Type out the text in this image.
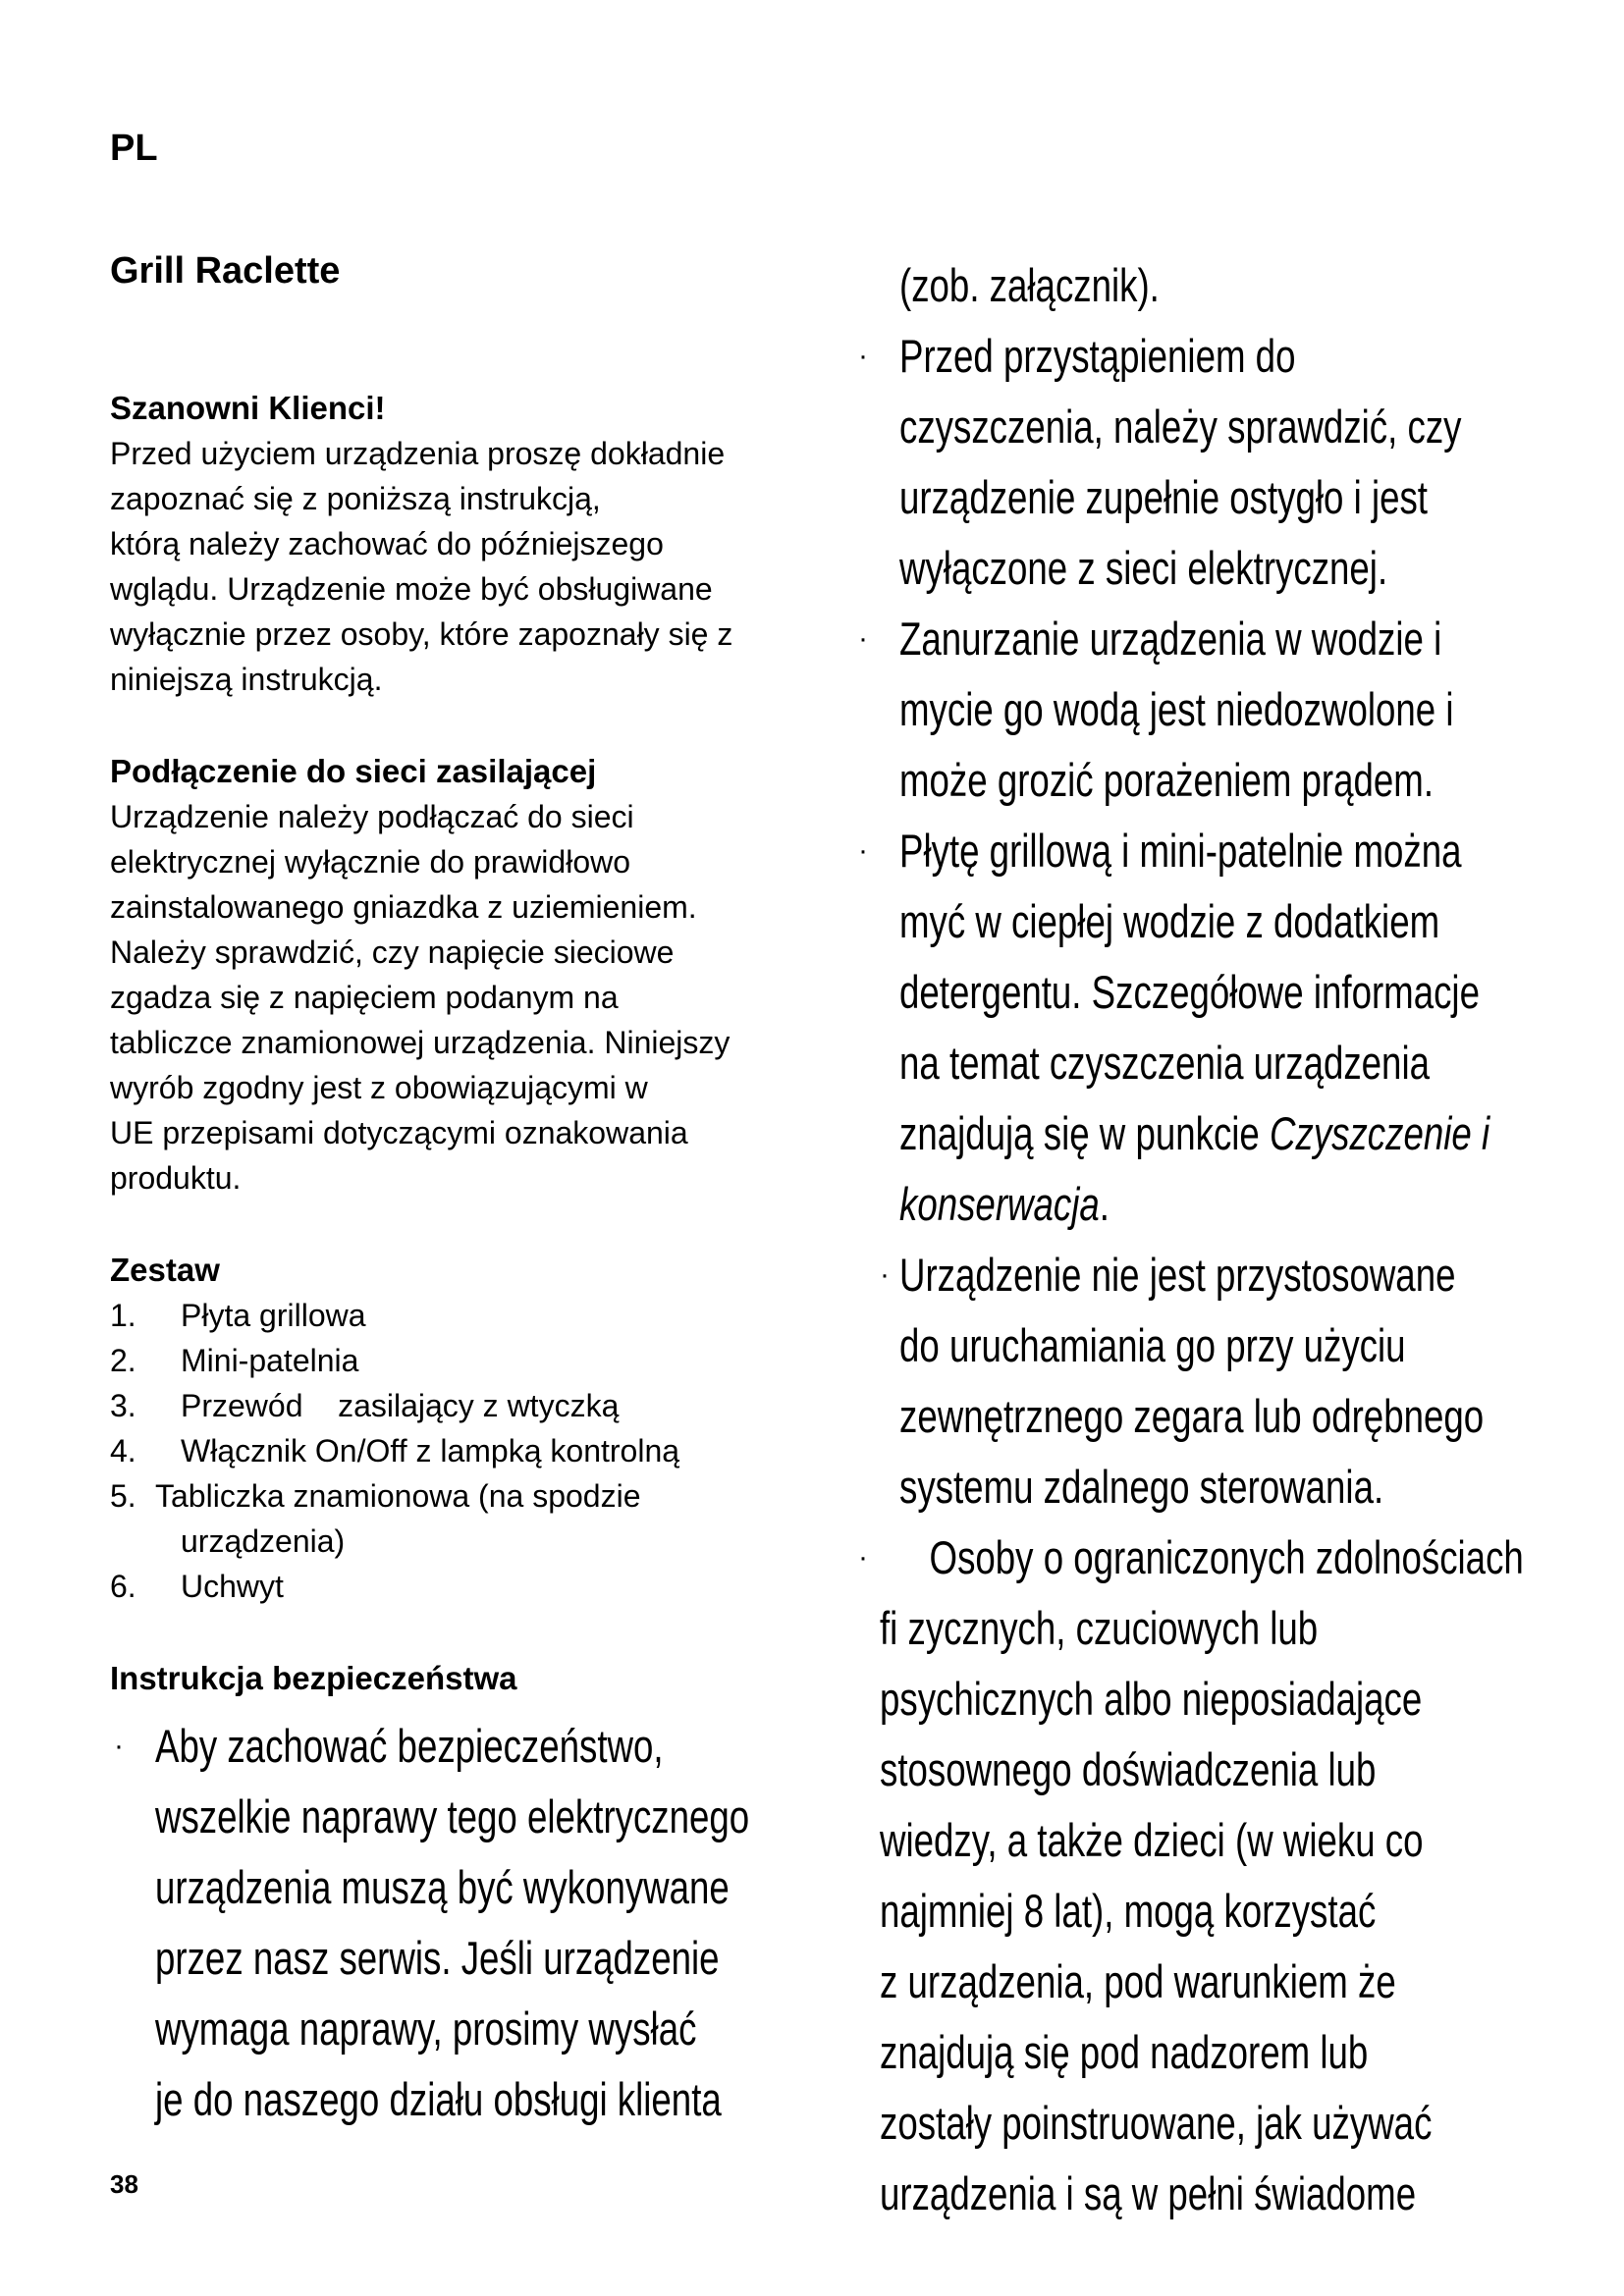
PL
Grill Raclette

Szanowni Klienci!

Przed użyciem urządzenia proszę dokładnie

zapoznać się z poniższą instrukcją,

którą należy zachować do późniejszego

wglądu. Urządzenie może być obsługiwane

wyłącznie przez osoby, które zapoznały się z

niniejszą instrukcją.

Podłączenie do sieci zasilającej

Urządzenie należy podłączać do sieci

elektrycznej wyłącznie do prawidłowo

zainstalowanego gniazdka z uziemieniem.

Należy sprawdzić, czy napięcie sieciowe

zgadza się z napięciem podanym na

tabliczce znamionowej urządzenia. Niniejszy

wyrób zgodny jest z obowiązującymi w

UE przepisami dotyczącymi oznakowania

produktu.

Zestaw

1.	Płyta grillowa
2.	Mini-patelnia
3.	Przewód    zasilający z wtyczką
4.	Włącznik On/Off z lampką kontrolną
5. Tabliczka znamionowa (na spodzie
urządzenia)
6.	Uchwyt

Instrukcja bezpieczeństwa

· Aby zachować bezpieczeństwo,
wszelkie naprawy tego elektrycznego
urządzenia muszą być wykonywane
przez nasz serwis. Jeśli urządzenie
wymaga naprawy, prosimy wysłać
je do naszego działu obsługi klienta
(zob. załącznik).
· Przed przystąpieniem do
czyszczenia, należy sprawdzić, czy
urządzenie zupełnie ostygło i jest
wyłączone z sieci elektrycznej.
· Zanurzanie urządzenia w wodzie i
mycie go wodą jest niedozwolone i
może grozić porażeniem prądem.
· Płytę grillową i mini-patelnie można
myć w ciepłej wodzie z dodatkiem
detergentu. Szczegółowe informacje
na temat czyszczenia urządzenia
znajdują się w punkcie Czyszczenie i
konserwacja.
· Urządzenie nie jest przystosowane
do uruchamiania go przy użyciu
zewnętrznego zegara lub odrębnego
systemu zdalnego sterowania.
· Osoby o ograniczonych zdolnościach
fi zycznych, czuciowych lub
psychicznych albo nieposiadające
stosownego doświadczenia lub
wiedzy, a także dzieci (w wieku co
najmniej 8 lat), mogą korzystać
z urządzenia, pod warunkiem że
znajdują się pod nadzorem lub
zostały poinstruowane, jak używać
urządzenia i są w pełni świadome
38
